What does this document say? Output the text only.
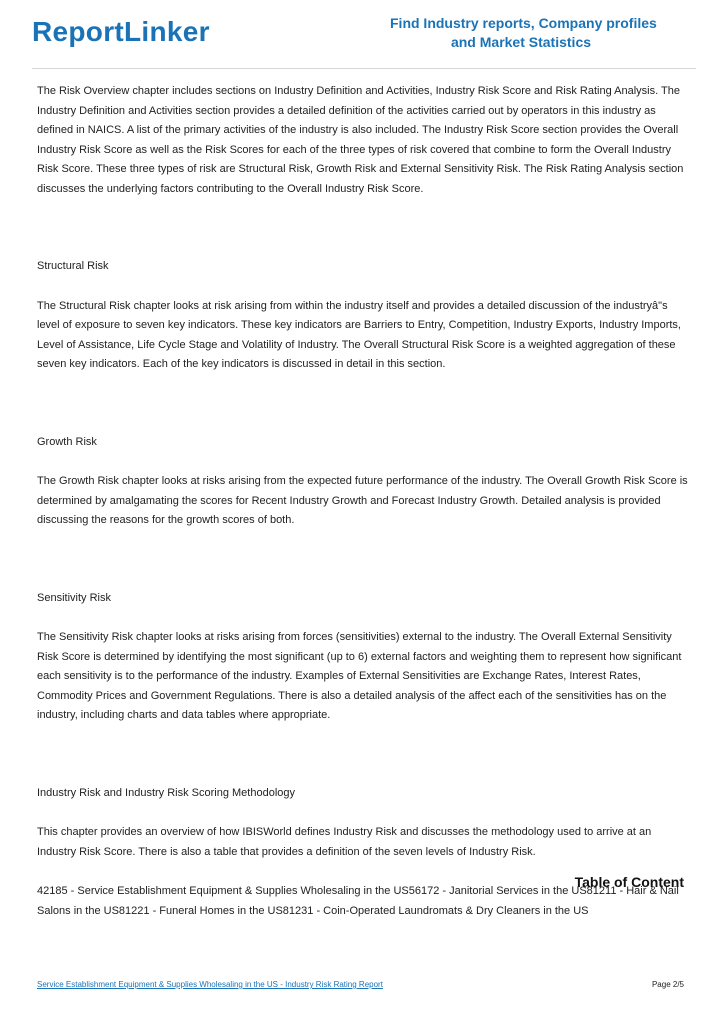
ReportLinker	Find Industry reports, Company profiles
and Market Statistics

The Risk Overview chapter includes sections on Industry Definition and Activities, Industry Risk Score and Risk Rating Analysis. The Industry Definition and Activities section provides a detailed definition of the activities carried out by operators in this industry as defined in NAICS. A list of the primary activities of the industry is also included. The Industry Risk Score section provides the Overall Industry Risk Score as well as the Risk Scores for each of the three types of risk covered that combine to form the Overall Industry Risk Score. These three types of risk are Structural Risk, Growth Risk and External Sensitivity Risk. The Risk Rating Analysis section discusses the underlying factors contributing to the Overall Industry Risk Score.

Structural Risk

The Structural Risk chapter looks at risk arising from within the industry itself and provides a detailed discussion of the industryâ"s level of exposure to seven key indicators. These key indicators are Barriers to Entry, Competition, Industry Exports, Industry Imports, Level of Assistance, Life Cycle Stage and Volatility of Industry. The Overall Structural Risk Score is a weighted aggregation of these seven key indicators. Each of the key indicators is discussed in detail in this section.

Growth Risk

The Growth Risk chapter looks at risks arising from the expected future performance of the industry. The Overall Growth Risk Score is determined by amalgamating the scores for Recent Industry Growth and Forecast Industry Growth. Detailed analysis is provided discussing the reasons for the growth scores of both.

Sensitivity Risk

The Sensitivity Risk chapter looks at risks arising from forces (sensitivities) external to the industry. The Overall External Sensitivity Risk Score is determined by identifying the most significant (up to 6) external factors and weighting them to represent how significant each sensitivity is to the performance of the industry. Examples of External Sensitivities are Exchange Rates, Interest Rates, Commodity Prices and Government Regulations. There is also a detailed analysis of the affect each of the sensitivities has on the industry, including charts and data tables where appropriate.

Industry Risk and Industry Risk Scoring Methodology

This chapter provides an overview of how IBISWorld defines Industry Risk and discusses the methodology used to arrive at an Industry Risk Score. There is also a table that provides a definition of the seven levels of Industry Risk.

42185 - Service Establishment Equipment & Supplies Wholesaling in the US56172 - Janitorial Services in the US81211 - Hair & Nail Salons in the US81221 - Funeral Homes in the US81231 - Coin-Operated Laundromats & Dry Cleaners in the US

Table of Content
Service Establishment Equipment & Supplies Wholesaling in the US - Industry Risk Rating Report	Page 2/5
